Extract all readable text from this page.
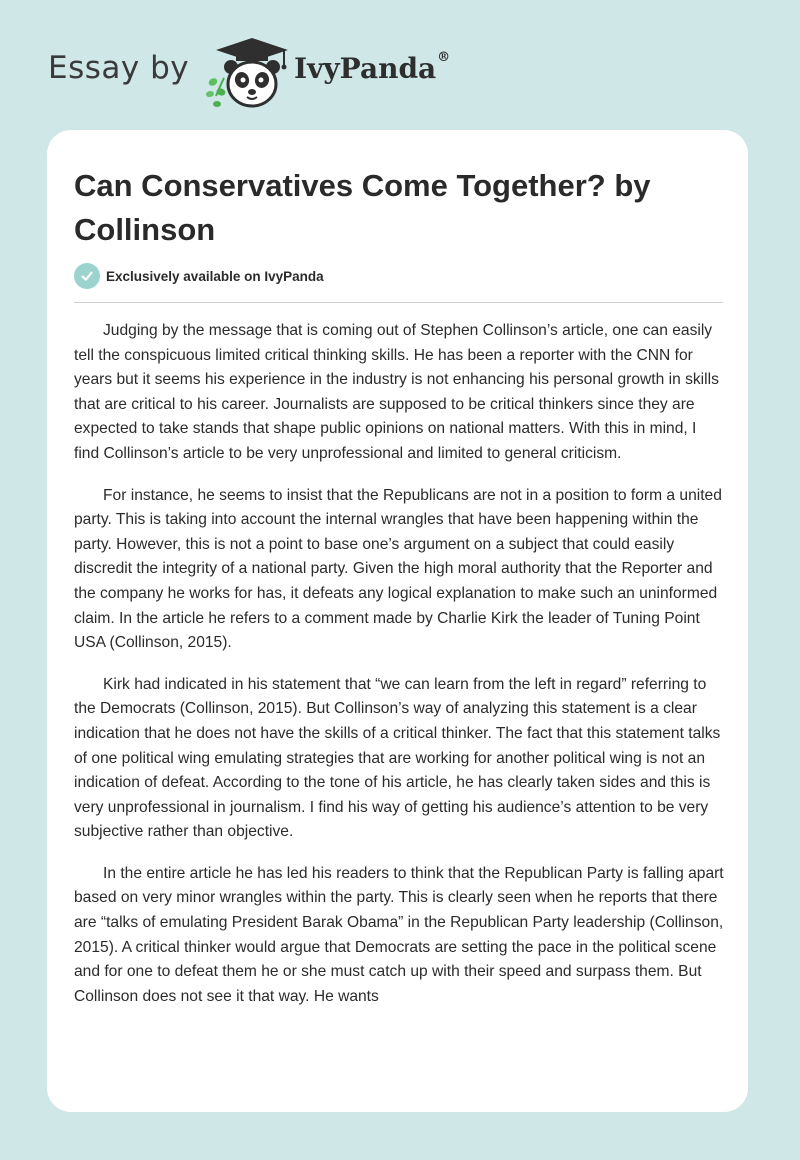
Essay by	IvyPanda®
Can Conservatives Come Together? by Collinson
Exclusively available on IvyPanda

Judging by the message that is coming out of Stephen Collinson’s article, one can easily tell the conspicuous limited critical thinking skills. He has been a reporter with the CNN for years but it seems his experience in the industry is not enhancing his personal growth in skills that are critical to his career. Journalists are supposed to be critical thinkers since they are expected to take stands that shape public opinions on national matters. With this in mind, I find Collinson’s article to be very unprofessional and limited to general criticism.

For instance, he seems to insist that the Republicans are not in a position to form a united party. This is taking into account the internal wrangles that have been happening within the party. However, this is not a point to base one’s argument on a subject that could easily discredit the integrity of a national party. Given the high moral authority that the Reporter and the company he works for has, it defeats any logical explanation to make such an uninformed claim. In the article he refers to a comment made by Charlie Kirk the leader of Tuning Point USA (Collinson, 2015).

Kirk had indicated in his statement that “we can learn from the left in regard” referring to the Democrats (Collinson, 2015). But Collinson’s way of analyzing this statement is a clear indication that he does not have the skills of a critical thinker. The fact that this statement talks of one political wing emulating strategies that are working for another political wing is not an indication of defeat. According to the tone of his article, he has clearly taken sides and this is very unprofessional in journalism. I find his way of getting his audience’s attention to be very subjective rather than objective.

In the entire article he has led his readers to think that the Republican Party is falling apart based on very minor wrangles within the party. This is clearly seen when he reports that there are “talks of emulating President Barak Obama” in the Republican Party leadership (Collinson, 2015). A critical thinker would argue that Democrats are setting the pace in the political scene and for one to defeat them he or she must catch up with their speed and surpass them. But Collinson does not see it that way. He wants
